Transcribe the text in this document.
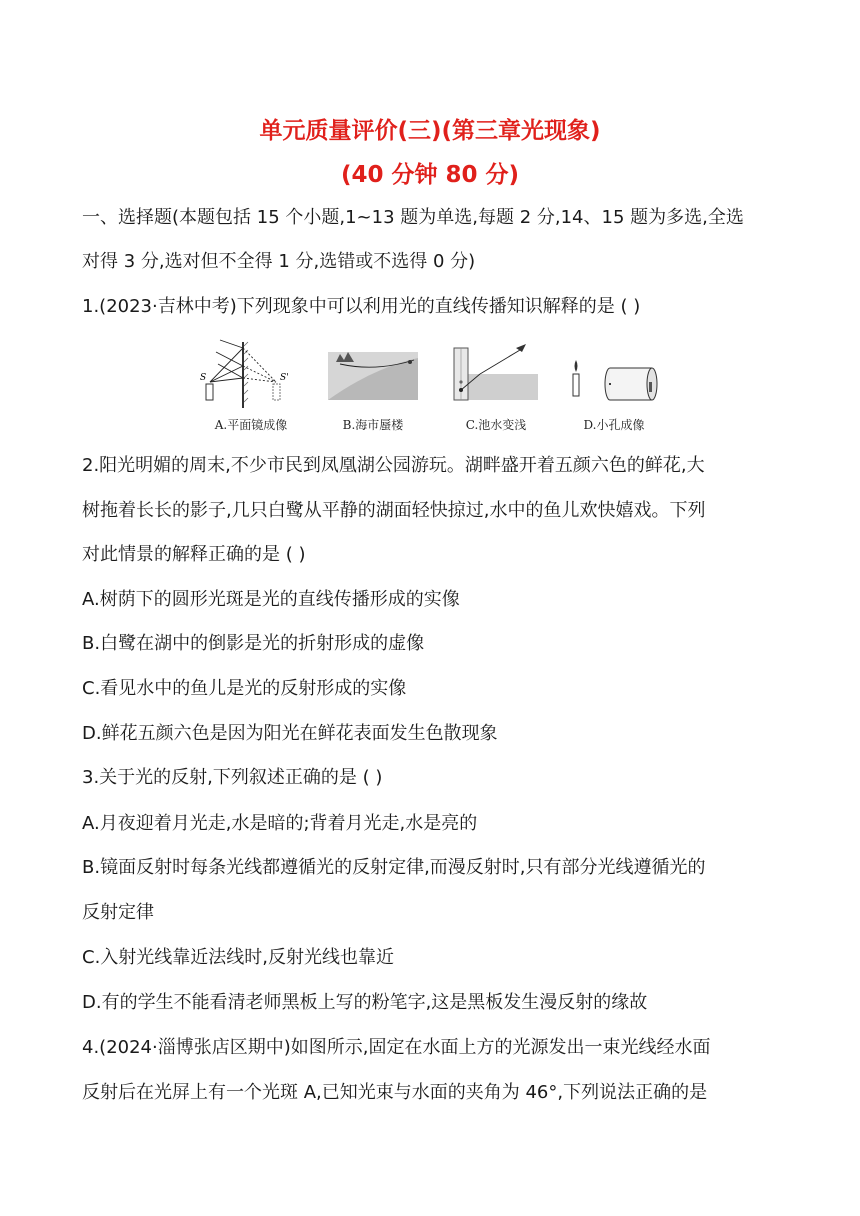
单元质量评价(三)(第三章光现象)
(40 分钟 80 分)
一、选择题(本题包括 15 个小题,1~13 题为单选,每题 2 分,14、15 题为多选,全选
对得 3 分,选对但不全得 1 分,选错或不选得 0 分)
1.(2023·吉林中考)下列现象中可以利用光的直线传播知识解释的是 ( )
S	S'
A.平面镜成像	B.海市蜃楼	C.池水变浅	D.小孔成像
2.阳光明媚的周末,不少市民到凤凰湖公园游玩。湖畔盛开着五颜六色的鲜花,大
树拖着长长的影子,几只白鹭从平静的湖面轻快掠过,水中的鱼儿欢快嬉戏。下列
对此情景的解释正确的是 ( )
A.树荫下的圆形光斑是光的直线传播形成的实像
B.白鹭在湖中的倒影是光的折射形成的虚像
C.看见水中的鱼儿是光的反射形成的实像
D.鲜花五颜六色是因为阳光在鲜花表面发生色散现象
3.关于光的反射,下列叙述正确的是 ( )
A.月夜迎着月光走,水是暗的;背着月光走,水是亮的
B.镜面反射时每条光线都遵循光的反射定律,而漫反射时,只有部分光线遵循光的
反射定律
C.入射光线靠近法线时,反射光线也靠近
D.有的学生不能看清老师黑板上写的粉笔字,这是黑板发生漫反射的缘故
4.(2024·淄博张店区期中)如图所示,固定在水面上方的光源发出一束光线经水面
反射后在光屏上有一个光斑 A,已知光束与水面的夹角为 46°,下列说法正确的是
